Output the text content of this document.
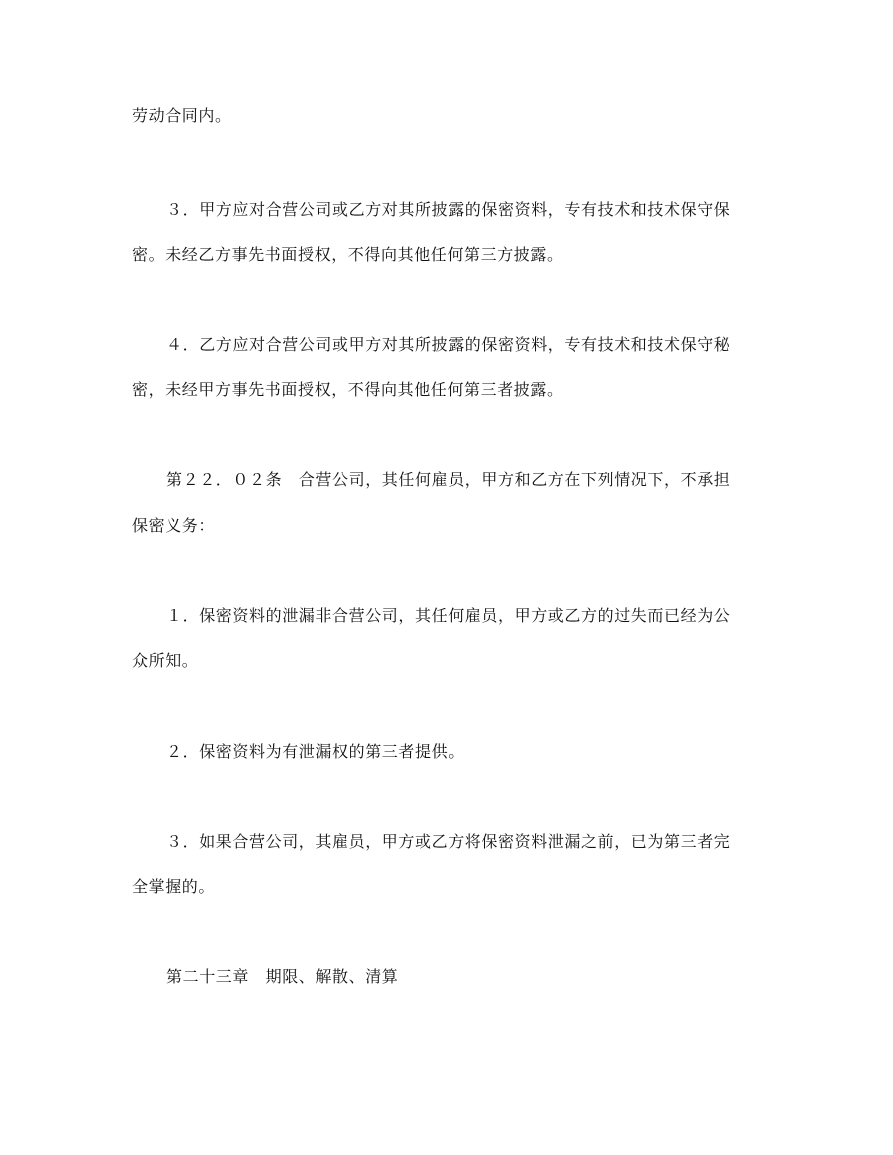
劳动合同内。
３．甲方应对合营公司或乙方对其所披露的保密资料，专有技术和技术保守保
密。未经乙方事先书面授权，不得向其他任何第三方披露。
４．乙方应对合营公司或甲方对其所披露的保密资料，专有技术和技术保守秘
密，未经甲方事先书面授权，不得向其他任何第三者披露。
第２２．０２条　合营公司，其任何雇员，甲方和乙方在下列情况下，不承担
保密义务：
１．保密资料的泄漏非合营公司，其任何雇员，甲方或乙方的过失而已经为公
众所知。
２．保密资料为有泄漏权的第三者提供。
３．如果合营公司，其雇员，甲方或乙方将保密资料泄漏之前，已为第三者完
全掌握的。
第二十三章　期限、解散、清算
